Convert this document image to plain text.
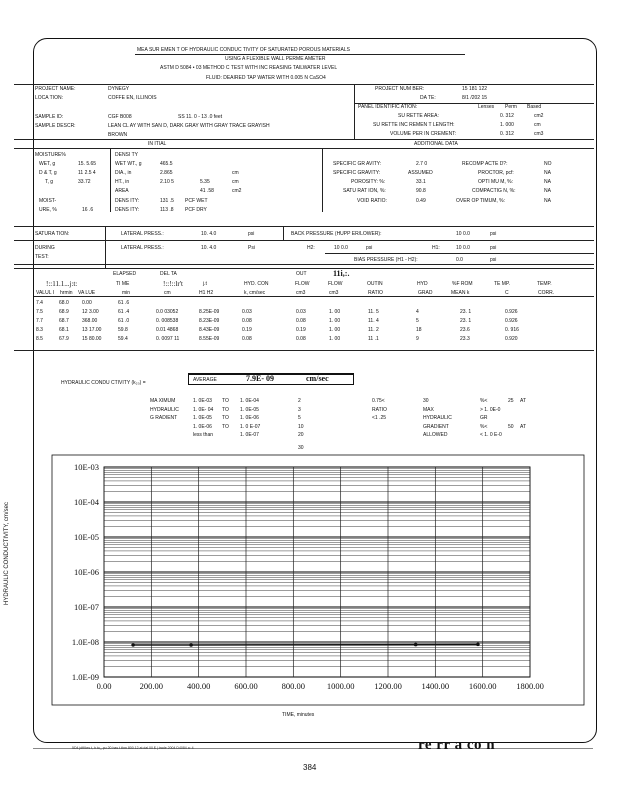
MEA SUR EMEN T OF HYDRAULIC CONDUC TIVITY OF SATURATED POROUS MATERIALS
USING A FLEXIBLE WALL PERME AMETER
ASTM D 5084 • 03 METHOD C TEST WITH INC REASING TAILWATER LEVEL
FLUID: DEAIRED TAP WATER WITH 0.005 N CaSO4
PROJECT NAME:	DYNEGY
LOCA TION:	COFFE EN, ILLINOIS
SAMPLE ID:	CGF B008	SS 11. 0 - 13 .0 feet
SAMPLE DESCR:	LEAN CL AY WITH SAN D, DARK GRAY WITH GRAY TRACE GRAYISH
BROWN
PROJECT NUM BER:	15 181 122
DA TE:	8/1 /202 15
PANEL IDENTIFIC ATION:	Lenses Perm Based
SU RETTE AREA:	0. 312	cm2
SU RETTE INC REMEN T LENGTH:	1. 000	cm
VOLUME PER IN CREMENT:	0. 312	cm3
IN ITIAL	ADDITIONAL DATA
MOISTURE%	DENSI TY
WET, g	15. 5.65	WET WT., g	465.5
D & T, g	11 2.5 4	DIA., in	2.865	cm
T, g	33.72	HT., in	2.10 5	5.35	cm
AREA	41 .58	cm2
MOIST-	DENS ITY:	131 .5 PCF WET
URE, %	16 .6	DENS ITY:	113 .8 PCF DRY
SPECIFIC GR AVITY:	2.7 0	RECOMP ACTE D?:	NO
SPECIFIC GRAVITY:	ASSUMED	PROCTOR, pcf:	NA
POROSITY: %:	33.1	OPTI MU M, %:	NA
SATU RAT ION, %:	90.8	COMPACTIG N, %:	NA
VOID RATIO:	0.49	OVER OP TIMUM, %:	NA
SATURA TION:	LATERAL PRESS.:	10. 4.0	psi	BACK PRESSURE (HUPP ER/LOWER):	10 0.0	psi
DURING
TEST:
LATERAL PRESS.:	10. 4.0	Psi	H2:	10 0.0	psi	H1:	10 0.0	psi
BIAS PRESSURE (H1 - H2):	0.0	psi
ELAPSED	DEL TA	OUT	11i,:.
!::11.1...j:t:	TI ME	!::!::lr't	j.t	HYD. CON	FLOW	FLOW	OUTIN	HYD	%F ROM	TE MP.	TEMP.
VALUL I hrmin VA LUE	min	cm	H1 H2	k, cm/sec	cm3	cm3	RATIO	GRAD	MEAN k	C	CORR.
7.4	68.0	0.00	61 .6
7.5	68.9	12 3.00	61 .4	0.0 03052	8.25E-09	0.03	0.03	1. 00	11. 5	4	23. 1	0.926
7.7	68.7	368.00	61 .0	0. 008538	8.23E-09	0.08	0.08	1. 00	11. 4	5	23. 1	0.926
8.3	68.1	13 17.00	59.8	0.01 4868	8.43E-09	0.19	0.19	1. 00	11. 2	18	23.6	0. 916
8.5	67.9	15 80.00	59.4	0. 0097 11	8.55E-09	0.08	0.08	1. 00	11 .1	9	23.3	0.920
HYDRAULIC CONDU CTIVITY (k₂₀) =	AVERAGE	7.9E- 09	cm/sec
MA XIMUM	1. 0E-03 TO 1. 0E-04	2	0.75<	30	%<	25 AT
HYDRAULIC	1. 0E- 04 TO 1. 0E-05	3	RATIO	MAX	> 1. 0E-0
G RADIENT	1. 0E-05 TO 1. 0E-06	5	<1 .25	HYDRAULIC	GR
1. 0E-06 TO 1. 0 E-07	10	GRADIENT	%<	50 AT
less than	1. 0E-07	20	ALLOWED	< 1. 0 E-0
30
10E-03
10E-04
10E-05
10E-06
10E-07
1.0E-08
1.0E-09
0.00	200.00	400.00	600.00	800.00	1000.00 1200.00 1400.00 1600.00 1800.00
TIME, minutes
HYDRAULIC CONDUCTIVITY, cm/sec
5D4 jdfKtes t, h to_ pu 20 has t thm 800 12 at dal 00 $ | trade 2004 D4084 a: 4	re rr a co n
384
